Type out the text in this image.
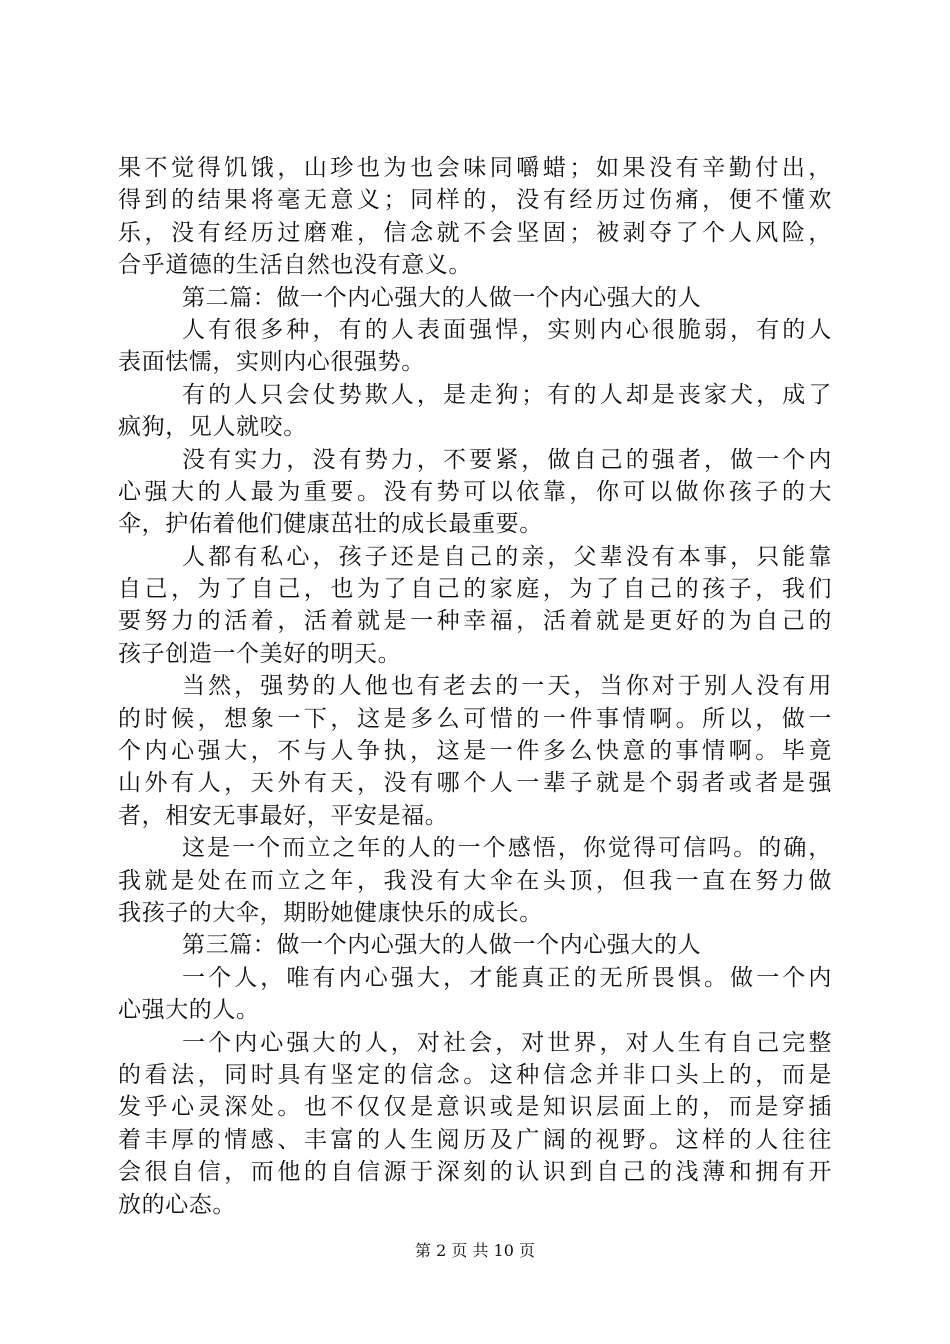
果不觉得饥饿，山珍也为也会味同嚼蜡；如果没有辛勤付出，
得到的结果将毫无意义；同样的，没有经历过伤痛，便不懂欢
乐，没有经历过磨难，信念就不会坚固；被剥夺了个人风险，
合乎道德的生活自然也没有意义。
第二篇：做一个内心强大的人做一个内心强大的人
人有很多种，有的人表面强悍，实则内心很脆弱，有的人
表面怯懦，实则内心很强势。
有的人只会仗势欺人，是走狗；有的人却是丧家犬，成了
疯狗，见人就咬。
没有实力，没有势力，不要紧，做自己的强者，做一个内
心强大的人最为重要。没有势可以依靠，你可以做你孩子的大
伞，护佑着他们健康茁壮的成长最重要。
人都有私心，孩子还是自己的亲，父辈没有本事，只能靠
自己，为了自己，也为了自己的家庭，为了自己的孩子，我们
要努力的活着，活着就是一种幸福，活着就是更好的为自己的
孩子创造一个美好的明天。
当然，强势的人他也有老去的一天，当你对于别人没有用
的时候，想象一下，这是多么可惜的一件事情啊。所以，做一
个内心强大，不与人争执，这是一件多么快意的事情啊。毕竟
山外有人，天外有天，没有哪个人一辈子就是个弱者或者是强
者，相安无事最好，平安是福。
这是一个而立之年的人的一个感悟，你觉得可信吗。的确，
我就是处在而立之年，我没有大伞在头顶，但我一直在努力做
我孩子的大伞，期盼她健康快乐的成长。
第三篇：做一个内心强大的人做一个内心强大的人
一个人，唯有内心强大，才能真正的无所畏惧。做一个内
心强大的人。
一个内心强大的人，对社会，对世界，对人生有自己完整
的看法，同时具有坚定的信念。这种信念并非口头上的，而是
发乎心灵深处。也不仅仅是意识或是知识层面上的，而是穿插
着丰厚的情感、丰富的人生阅历及广阔的视野。这样的人往往
会很自信，而他的自信源于深刻的认识到自己的浅薄和拥有开
放的心态。
第 2 页 共 10 页
